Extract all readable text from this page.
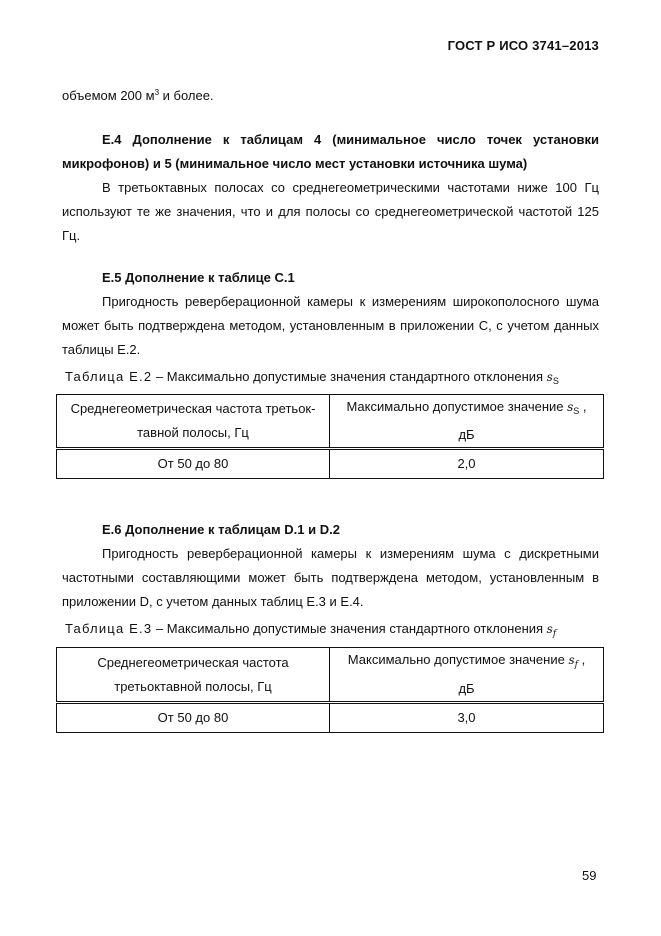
ГОСТ Р ИСО 3741–2013
объемом 200 $м^3$ и более.
Е.4 Дополнение к таблицам 4 (минимальное число точек установки микрофонов) и 5 (минимальное число мест установки источника шума)
В третьоктавных полосах со среднегеометрическими частотами ниже 100 Гц используют те же значения, что и для полосы со среднегеометрической частотой 125 Гц.
Е.5 Дополнение к таблице С.1
Пригодность реверберационной камеры к измерениям широкополосного шума может быть подтверждена методом, установленным в приложении С, с учетом данных таблицы Е.2.
Таблица Е.2 – Максимально допустимые значения стандартного отклонения $s_S$
Среднегеометрическая частота третьок-тавной полосы, Гц	Максимально допустимое значение $s_S$ ,
дБ
От 50 до 80	2,0
Е.6 Дополнение к таблицам D.1 и D.2
Пригодность реверберационной камеры к измерениям шума с дискретными частотными составляющими может быть подтверждена методом, установленным в приложении D, с учетом данных таблиц Е.3 и Е.4.
Таблица Е.3 – Максимально допустимые значения стандартного отклонения $s_f$
Среднегеометрическая частота третьоктавной полосы, Гц	Максимально допустимое значение $s_f$ ,
дБ
От 50 до 80	3,0
59
